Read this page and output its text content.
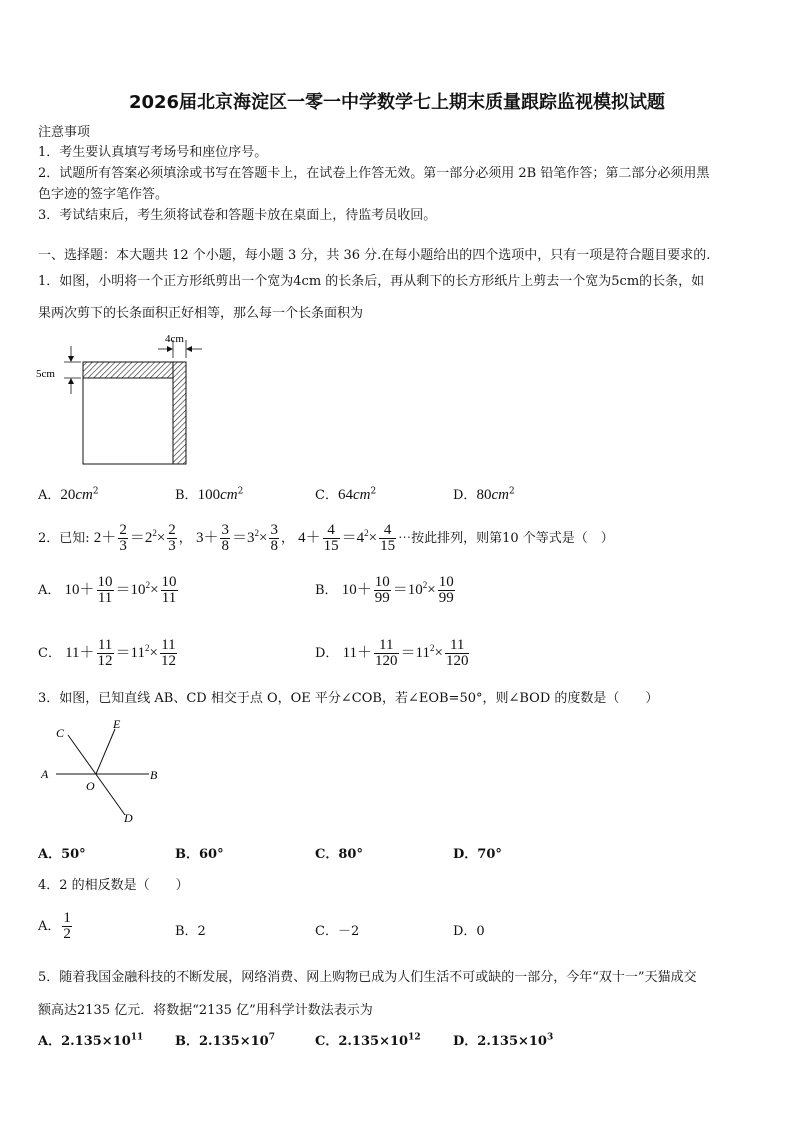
2026届北京海淀区一零一中学数学七上期末质量跟踪监视模拟试题
注意事项
1．考生要认真填写考场号和座位序号。
2．试题所有答案必须填涂或书写在答题卡上，在试卷上作答无效。第一部分必须用 2B 铅笔作答；第二部分必须用黑
色字迹的签字笔作答。
3．考试结束后，考生须将试卷和答题卡放在桌面上，待监考员收回。
一、选择题：本大题共 12 个小题，每小题 3 分，共 36 分.在每小题给出的四个选项中，只有一项是符合题目要求的.
1．如图，小明将一个正方形纸剪出一个宽为4cm 的长条后，再从剩下的长方形纸片上剪去一个宽为5cm的长条，如
果两次剪下的长条面积正好相等，那么每一个长条面积为
4cm
5cm
A．$20cm^2$	B．$100cm^2$	C．$64cm^2$	D．$80cm^2$
2．已知: $2+ \frac{2}{3} =2^2\times \frac{2}{3}$ ， $3+ \frac{3}{8} =3^2\times \frac{3}{8}$ ， $4+ \frac{4}{15} =4^2\times \frac{4}{15}$ ⋯按此排列，则第10 个等式是（　）
A． $10+ \frac{10}{11} =10^2\times \frac{10}{11}$	B． $10+ \frac{10}{99} =10^2\times \frac{10}{99}$
C． $11+ \frac{11}{12} =11^2\times \frac{11}{12}$	D． $11+ \frac{11}{120} =11^2\times \frac{11}{120}$
3．如图，已知直线 AB、CD 相交于点 O，OE 平分∠COB，若∠EOB=50°，则∠BOD 的度数是（　　）
A	B
C
D
E
O
A．50°	B．60°	C．80°	D．70°
4．2 的相反数是（　　）
A． $\frac{1}{2}$	B．2	C．－2	D．0
5．随着我国金融科技的不断发展，网络消费、网上购物已成为人们生活不可或缺的一部分，今年“双十一”天猫成交
额高达2135 亿元．将数据“2135 亿”用科学计数法表示为
A．$2.135\times 10^{11}$ B．$2.135\times 10^7$	C．$2.135\times 10^{12}$ D．$2.135\times 10^3$
